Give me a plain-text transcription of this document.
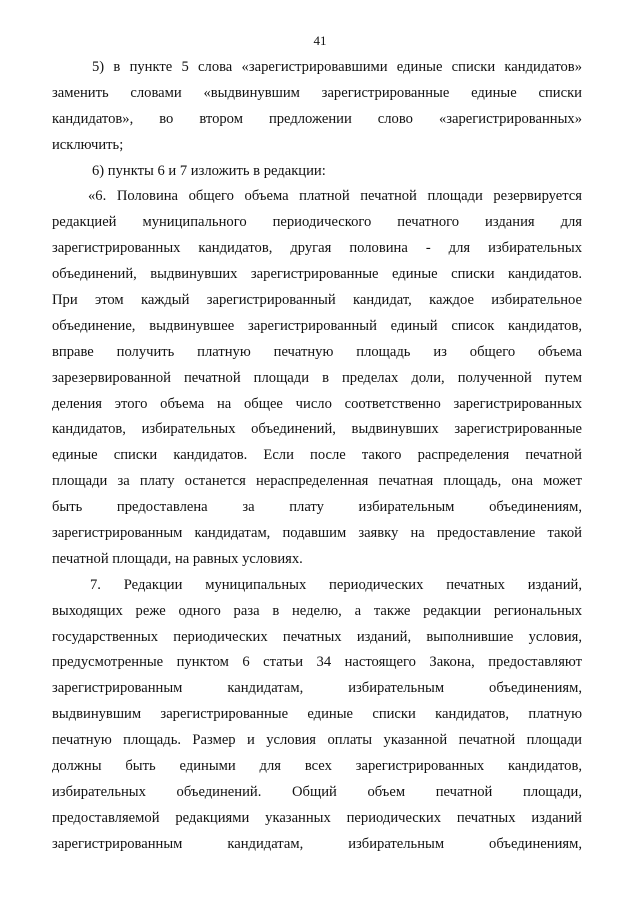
41
5) в пункте 5 слова «зарегистрировавшими единые списки кандидатов»
заменить словами «выдвинувшим зарегистрированные единые списки
кандидатов», во втором предложении слово «зарегистрированных»
исключить;
6) пункты 6 и 7 изложить в редакции:
«6. Половина общего объема платной печатной площади резервируется
редакцией муниципального периодического печатного издания для
зарегистрированных кандидатов, другая половина - для избирательных
объединений, выдвинувших зарегистрированные единые списки кандидатов.
При этом каждый зарегистрированный кандидат, каждое избирательное
объединение, выдвинувшее зарегистрированный единый список кандидатов,
вправе получить платную печатную площадь из общего объема
зарезервированной печатной площади в пределах доли, полученной путем
деления этого объема на общее число соответственно зарегистрированных
кандидатов, избирательных объединений, выдвинувших зарегистрированные
единые списки кандидатов. Если после такого распределения печатной
площади за плату останется нераспределенная печатная площадь, она может
быть предоставлена за плату избирательным объединениям,
зарегистрированным кандидатам, подавшим заявку на предоставление такой
печатной площади, на равных условиях.
7. Редакции муниципальных периодических печатных изданий,
выходящих реже одного раза в неделю, а также редакции региональных
государственных периодических печатных изданий, выполнившие условия,
предусмотренные пунктом 6 статьи 34 настоящего Закона, предоставляют
зарегистрированным кандидатам, избирательным объединениям,
выдвинувшим зарегистрированные единые списки кандидатов, платную
печатную площадь. Размер и условия оплаты указанной печатной площади
должны быть едиными для всех зарегистрированных кандидатов,
избирательных объединений. Общий объем печатной площади,
предоставляемой редакциями указанных периодических печатных изданий
зарегистрированным кандидатам, избирательным объединениям,
